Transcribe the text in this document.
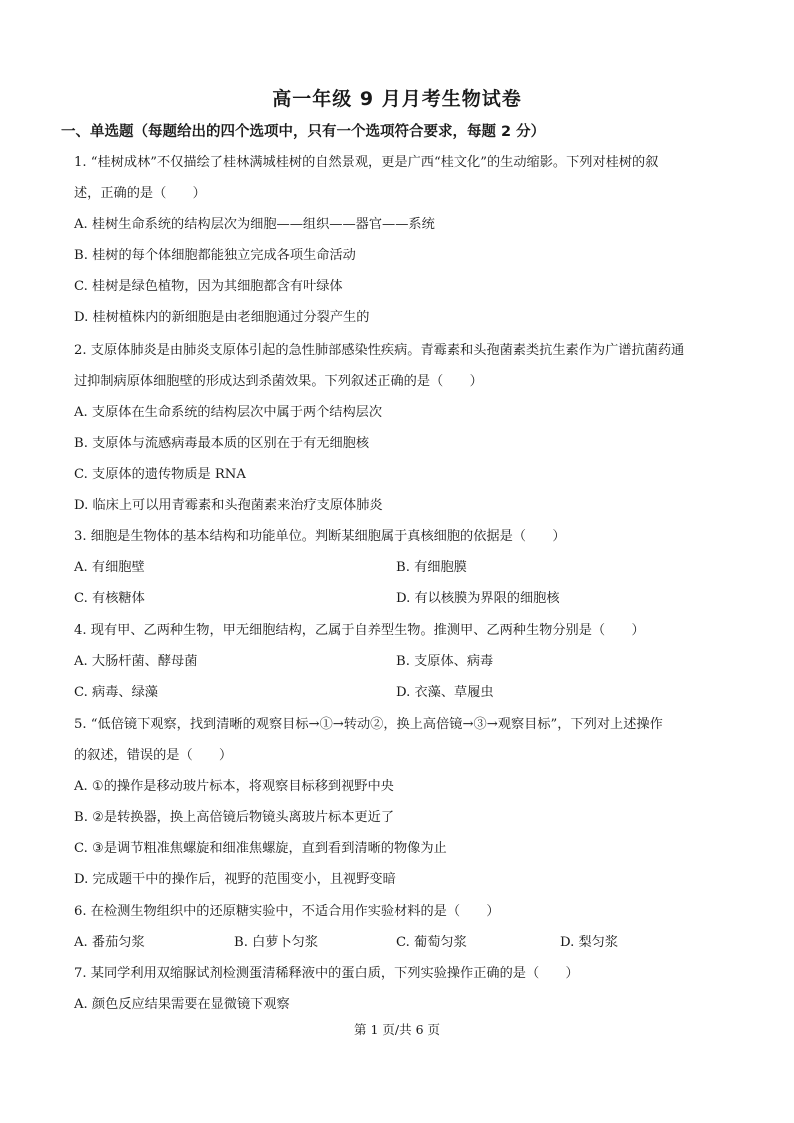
高一年级 9 月月考生物试卷
一、单选题（每题给出的四个选项中，只有一个选项符合要求，每题 2 分）
1. “桂树成林”不仅描绘了桂林满城桂树的自然景观，更是广西“桂文化”的生动缩影。下列对桂树的叙
述，正确的是（　　）
A. 桂树生命系统的结构层次为细胞——组织——器官——系统
B. 桂树的每个体细胞都能独立完成各项生命活动
C. 桂树是绿色植物，因为其细胞都含有叶绿体
D. 桂树植株内的新细胞是由老细胞通过分裂产生的
2. 支原体肺炎是由肺炎支原体引起的急性肺部感染性疾病。青霉素和头孢菌素类抗生素作为广谱抗菌药通
过抑制病原体细胞壁的形成达到杀菌效果。下列叙述正确的是（　　）
A. 支原体在生命系统的结构层次中属于两个结构层次
B. 支原体与流感病毒最本质的区别在于有无细胞核
C. 支原体的遗传物质是 RNA
D. 临床上可以用青霉素和头孢菌素来治疗支原体肺炎
3. 细胞是生物体的基本结构和功能单位。判断某细胞属于真核细胞的依据是（　　）
A. 有细胞壁	B. 有细胞膜
C. 有核糖体	D. 有以核膜为界限的细胞核
4. 现有甲、乙两种生物，甲无细胞结构，乙属于自养型生物。推测甲、乙两种生物分别是（　　）
A. 大肠杆菌、酵母菌	B. 支原体、病毒
C. 病毒、绿藻	D. 衣藻、草履虫
5. “低倍镜下观察，找到清晰的观察目标→①→转动②，换上高倍镜→③→观察目标”，下列对上述操作
的叙述，错误的是（　　）
A. ①的操作是移动玻片标本，将观察目标移到视野中央
B. ②是转换器，换上高倍镜后物镜头离玻片标本更近了
C. ③是调节粗准焦螺旋和细准焦螺旋，直到看到清晰的物像为止
D. 完成题干中的操作后，视野的范围变小，且视野变暗
6. 在检测生物组织中的还原糖实验中，不适合用作实验材料的是（　　）
A. 番茄匀浆	B. 白萝卜匀浆	C. 葡萄匀浆	D. 梨匀浆
7. 某同学利用双缩脲试剂检测蛋清稀释液中的蛋白质，下列实验操作正确的是（　　）
A. 颜色反应结果需要在显微镜下观察
第 1 页/共 6 页
